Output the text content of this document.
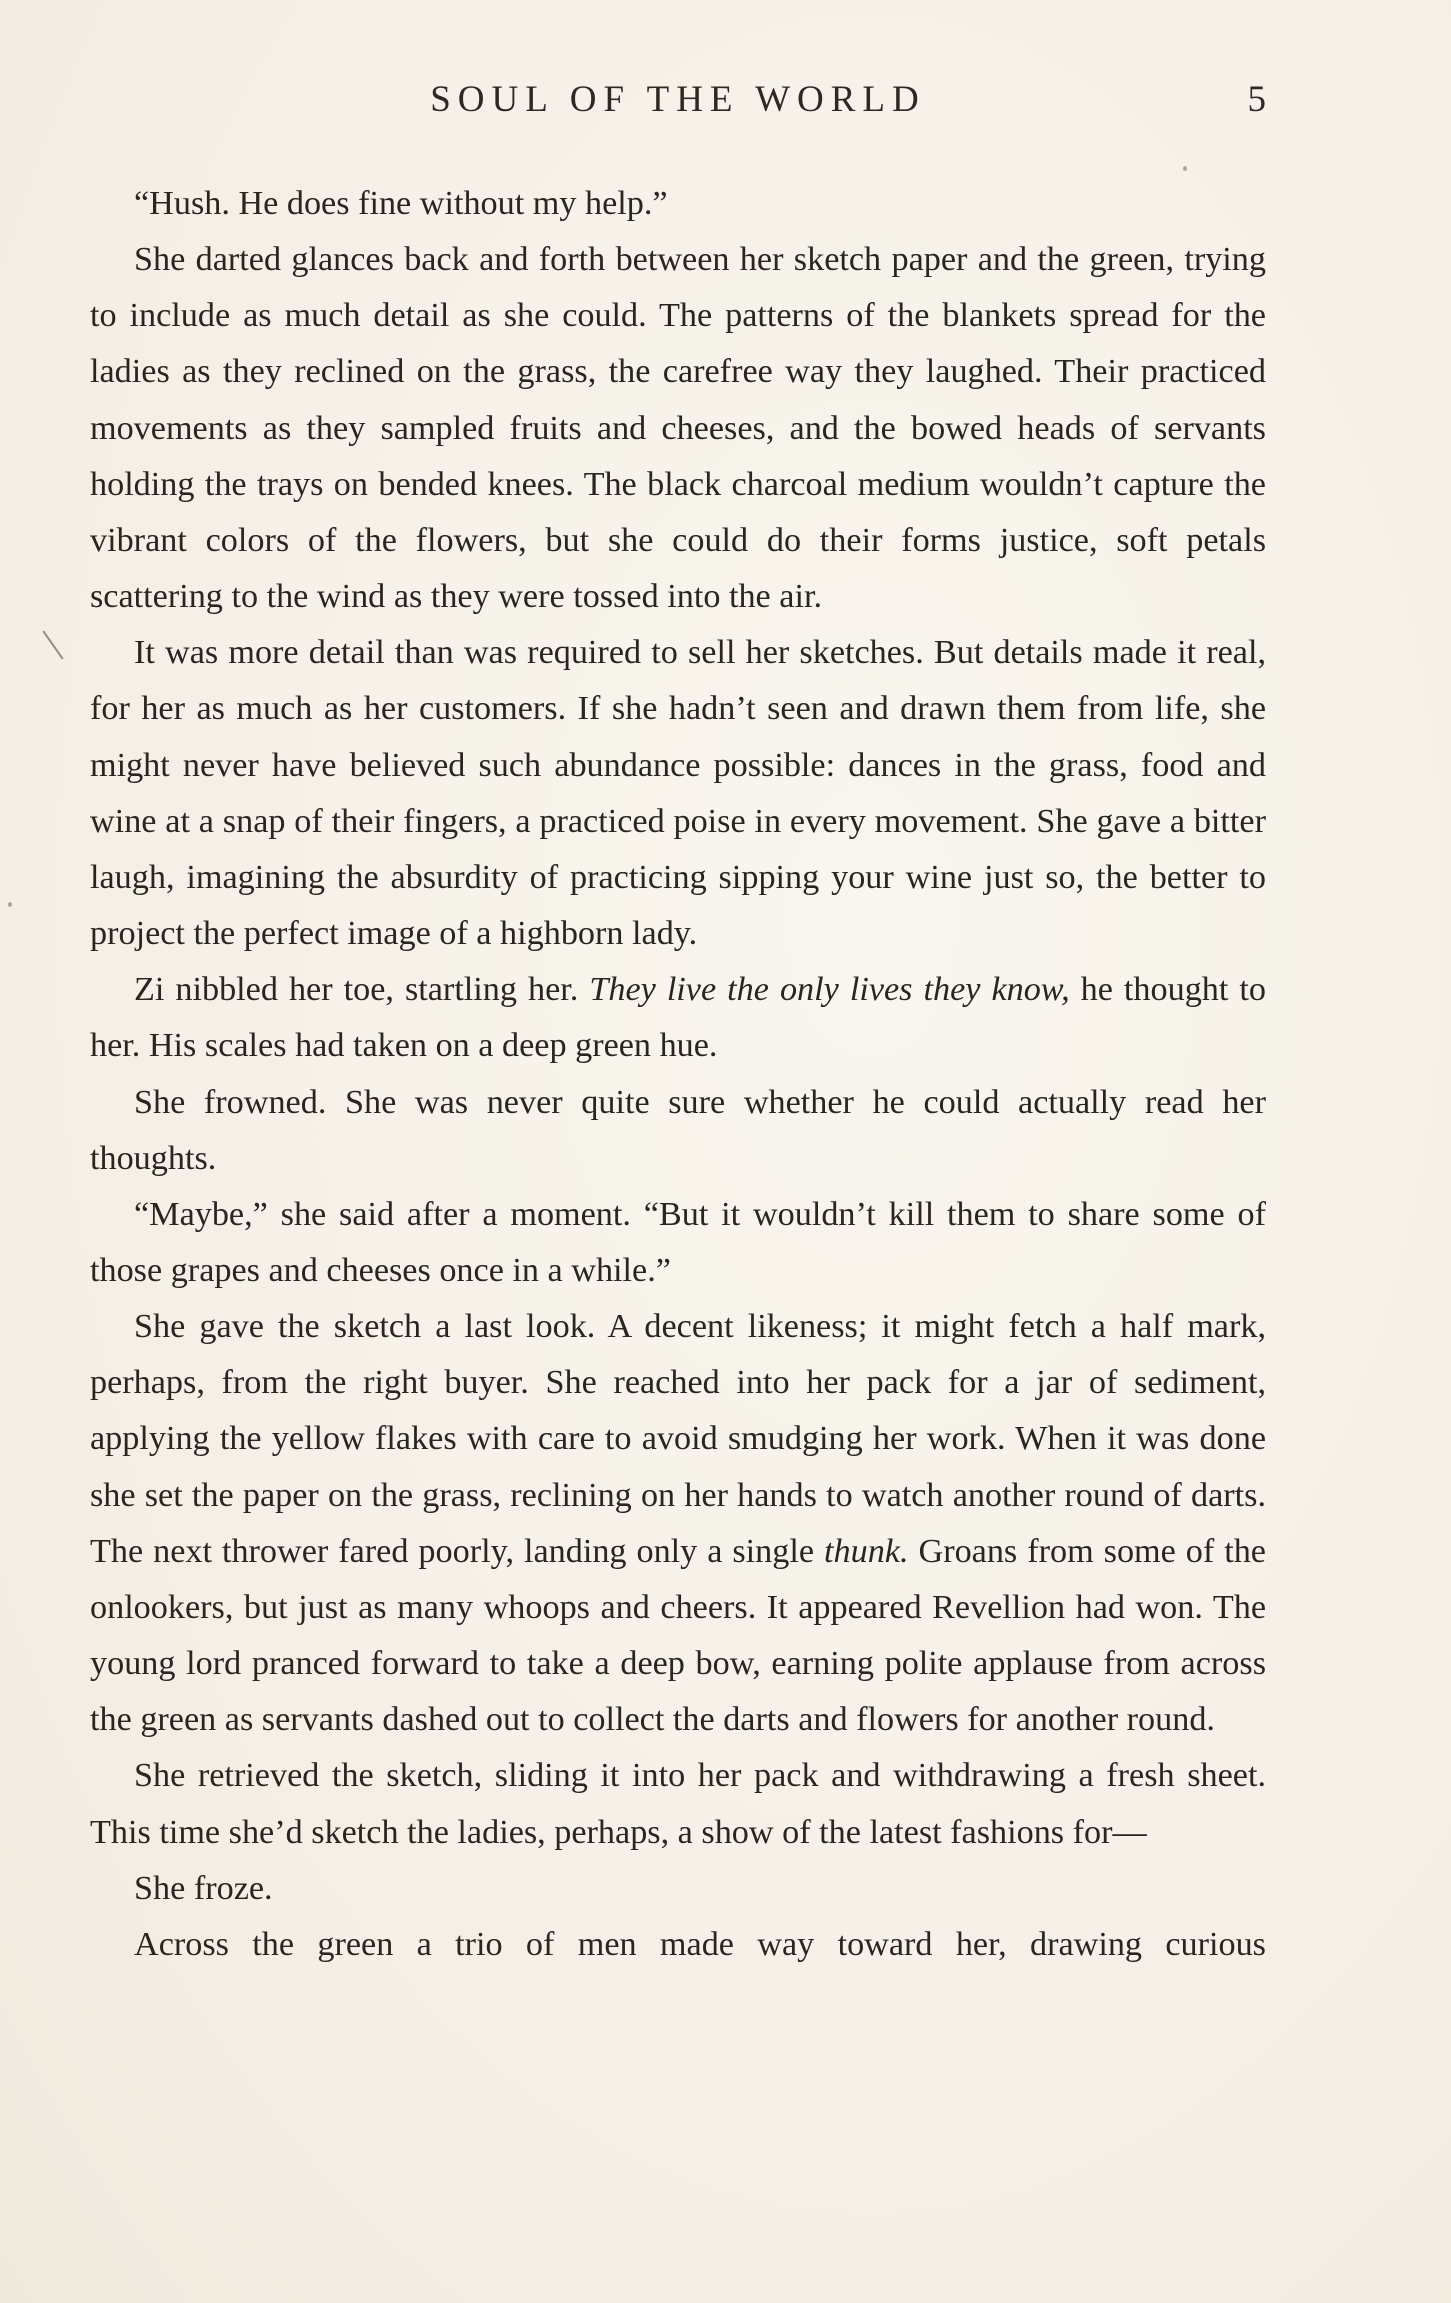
SOUL OF THE WORLD	5

“Hush. He does fine without my help.”

She darted glances back and forth between her sketch paper and the green, trying to include as much detail as she could. The patterns of the blankets spread for the ladies as they reclined on the grass, the carefree way they laughed. Their practiced movements as they sampled fruits and cheeses, and the bowed heads of servants holding the trays on bended knees. The black charcoal medium wouldn’t capture the vibrant colors of the flowers, but she could do their forms justice, soft petals scattering to the wind as they were tossed into the air.

It was more detail than was required to sell her sketches. But details made it real, for her as much as her customers. If she hadn’t seen and drawn them from life, she might never have believed such abundance possible: dances in the grass, food and wine at a snap of their fingers, a practiced poise in every movement. She gave a bitter laugh, imagining the absurdity of practicing sipping your wine just so, the better to project the perfect image of a highborn lady.

Zi nibbled her toe, startling her. They live the only lives they know, he thought to her. His scales had taken on a deep green hue.

She frowned. She was never quite sure whether he could actually read her thoughts.

“Maybe,” she said after a moment. “But it wouldn’t kill them to share some of those grapes and cheeses once in a while.”

She gave the sketch a last look. A decent likeness; it might fetch a half mark, perhaps, from the right buyer. She reached into her pack for a jar of sediment, applying the yellow flakes with care to avoid smudging her work. When it was done she set the paper on the grass, reclining on her hands to watch another round of darts. The next thrower fared poorly, landing only a single thunk. Groans from some of the onlookers, but just as many whoops and cheers. It appeared Revellion had won. The young lord pranced forward to take a deep bow, earning polite applause from across the green as servants dashed out to collect the darts and flowers for another round.

She retrieved the sketch, sliding it into her pack and withdrawing a fresh sheet. This time she’d sketch the ladies, perhaps, a show of the latest fashions for—

She froze.

Across the green a trio of men made way toward her, drawing curious
